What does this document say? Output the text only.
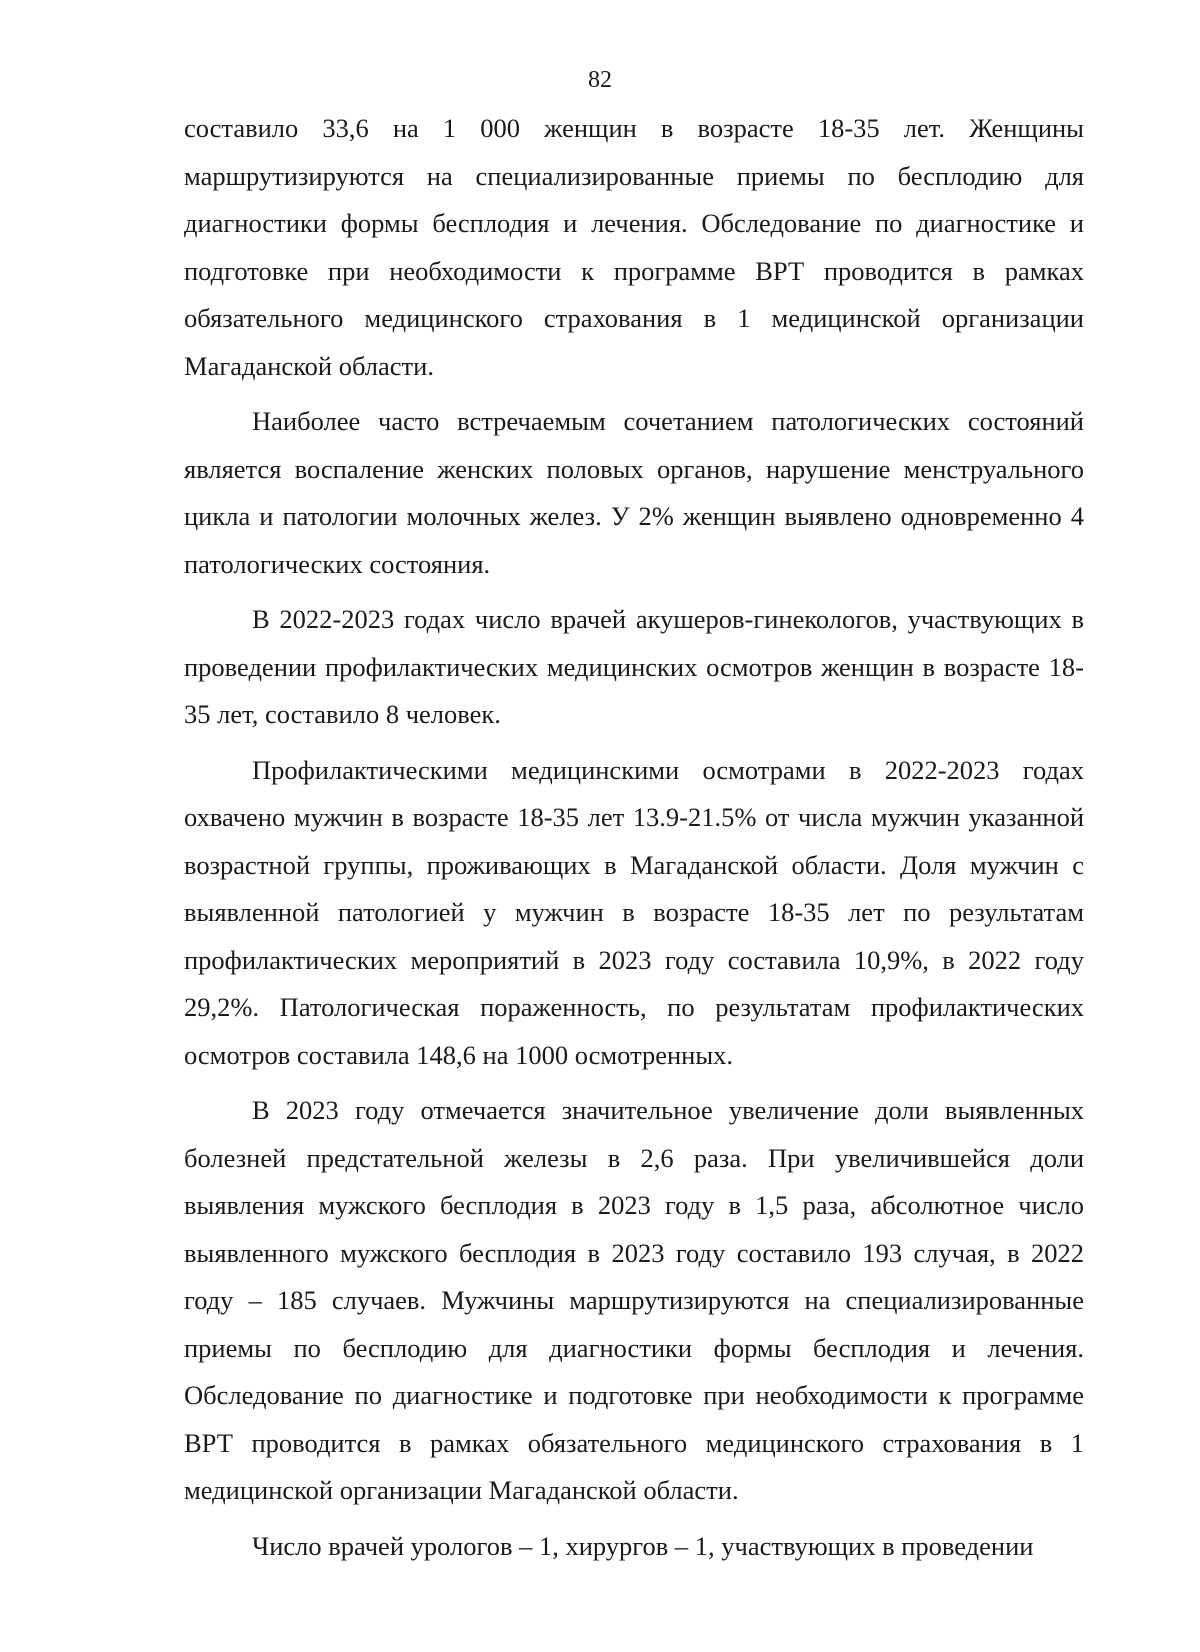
82

составило 33,6 на 1 000 женщин в возрасте 18-35 лет. Женщины маршрутизируются на специализированные приемы по бесплодию для диагностики формы бесплодия и лечения. Обследование по диагностике и подготовке при необходимости к программе ВРТ проводится в рамках обязательного медицинского страхования в 1 медицинской организации Магаданской области.

Наиболее часто встречаемым сочетанием патологических состояний является воспаление женских половых органов, нарушение менструального цикла и патологии молочных желез. У 2% женщин выявлено одновременно 4 патологических состояния.

В 2022-2023 годах число врачей акушеров-гинекологов, участвующих в проведении профилактических медицинских осмотров женщин в возрасте 18-35 лет, составило 8 человек.

Профилактическими медицинскими осмотрами в 2022-2023 годах охвачено мужчин в возрасте 18-35 лет 13.9-21.5% от числа мужчин указанной возрастной группы, проживающих в Магаданской области. Доля мужчин с выявленной патологией у мужчин в возрасте 18-35 лет по результатам профилактических мероприятий в 2023 году составила 10,9%, в 2022 году 29,2%. Патологическая пораженность, по результатам профилактических осмотров составила 148,6 на 1000 осмотренных.

В 2023 году отмечается значительное увеличение доли выявленных болезней предстательной железы в 2,6 раза. При увеличившейся доли выявления мужского бесплодия в 2023 году в 1,5 раза, абсолютное число выявленного мужского бесплодия в 2023 году составило 193 случая, в 2022 году – 185 случаев. Мужчины маршрутизируются на специализированные приемы по бесплодию для диагностики формы бесплодия и лечения. Обследование по диагностике и подготовке при необходимости к программе ВРТ проводится в рамках обязательного медицинского страхования в 1 медицинской организации Магаданской области.

Число врачей урологов – 1, хирургов – 1, участвующих в проведении
